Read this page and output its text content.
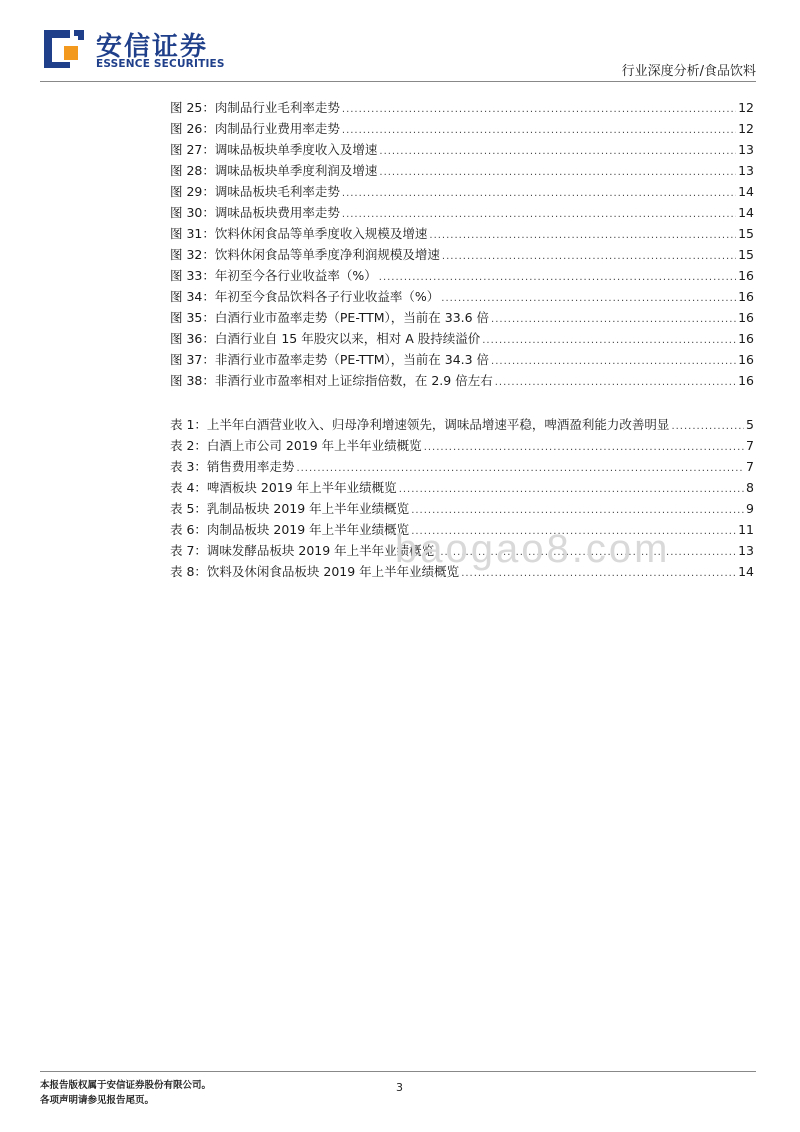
安信证券
ESSENCE SECURITIES	行业深度分析/食品饮料
图 25：肉制品行业毛利率走势 .....	12
图 26：肉制品行业费用率走势 .....	12
图 27：调味品板块单季度收入及增速 .....	13
图 28：调味品板块单季度利润及增速 .....	13
图 29：调味品板块毛利率走势 .....	14
图 30：调味品板块费用率走势 .....	14
图 31：饮料休闲食品等单季度收入规模及增速 .....	15
图 32：饮料休闲食品等单季度净利润规模及增速 .....	15
图 33：年初至今各行业收益率（%） .....	16
图 34：年初至今食品饮料各子行业收益率（%） .....	16
图 35：白酒行业市盈率走势（PE-TTM），当前在 33.6 倍 .....	16
图 36：白酒行业自 15 年股灾以来，相对 A 股持续溢价 .....	16
图 37：非酒行业市盈率走势（PE-TTM），当前在 34.3 倍 .....	16
图 38：非酒行业市盈率相对上证综指倍数，在 2.9 倍左右 .....	16
表 1：上半年白酒营业收入、归母净利增速领先，调味品增速平稳，啤酒盈利能力改善明显 .....	5
表 2：白酒上市公司 2019 年上半年业绩概览 .....	7
表 3：销售费用率走势 .....	7
表 4：啤酒板块 2019 年上半年业绩概览 .....	8
表 5：乳制品板块 2019 年上半年业绩概览 .....	9
表 6：肉制品板块 2019 年上半年业绩概览 .....	11
表 7：调味发酵品板块 2019 年上半年业绩概览 .....	13
表 8：饮料及休闲食品板块 2019 年上半年业绩概览 .....	14
baogao8.com
本报告版权属于安信证券股份有限公司。
各项声明请参见报告尾页。
3
